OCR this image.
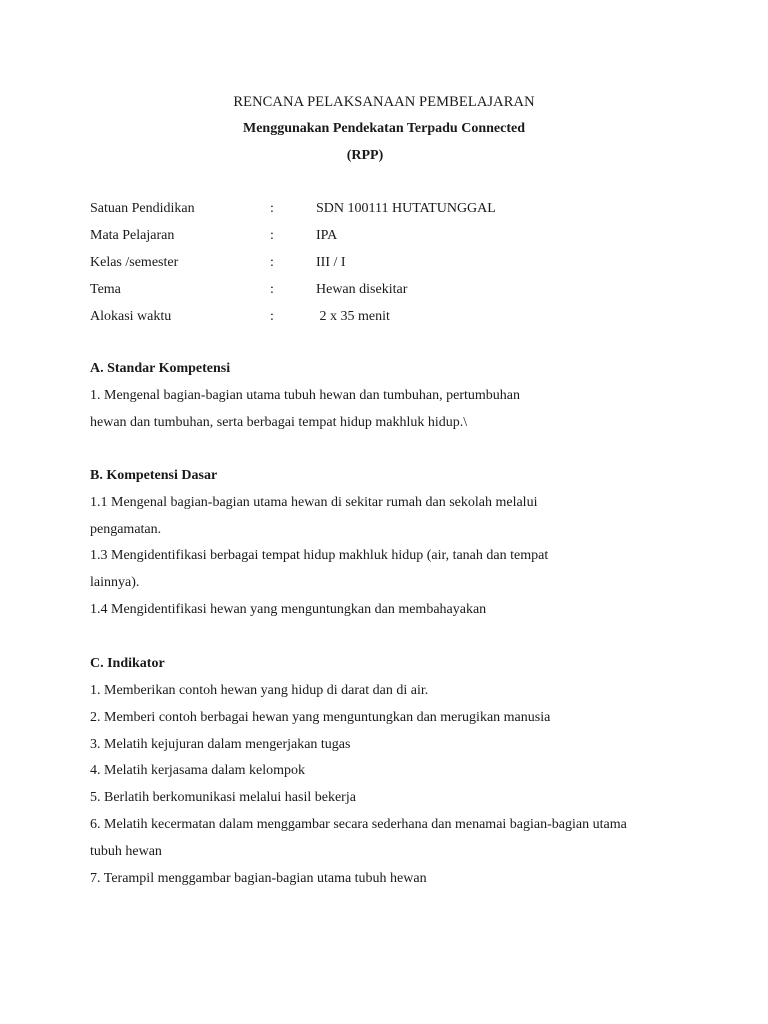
RENCANA PELAKSANAAN PEMBELAJARAN
Menggunakan Pendekatan Terpadu Connected
(RPP)
Satuan Pendidikan	:	SDN 100111 HUTATUNGGAL
Mata Pelajaran	:	IPA
Kelas /semester	:	III / I
Tema	:	Hewan disekitar
Alokasi waktu	:	2 x 35 menit
A. Standar Kompetensi
1. Mengenal bagian-bagian utama tubuh hewan dan tumbuhan, pertumbuhan
hewan dan tumbuhan, serta berbagai tempat hidup makhluk hidup.\
B. Kompetensi Dasar
1.1 Mengenal bagian-bagian utama hewan di sekitar rumah dan sekolah melalui
pengamatan.
1.3 Mengidentifikasi berbagai tempat hidup makhluk hidup (air, tanah dan tempat
lainnya).
1.4 Mengidentifikasi hewan yang menguntungkan dan membahayakan
C. Indikator
1. Memberikan contoh hewan yang hidup di darat dan di air.
2. Memberi contoh berbagai hewan yang menguntungkan dan merugikan manusia
3. Melatih kejujuran dalam mengerjakan tugas
4. Melatih kerjasama dalam kelompok
5. Berlatih berkomunikasi melalui hasil bekerja
6. Melatih kecermatan dalam menggambar secara sederhana dan menamai bagian-bagian utama
tubuh hewan
7. Terampil menggambar bagian-bagian utama tubuh hewan
